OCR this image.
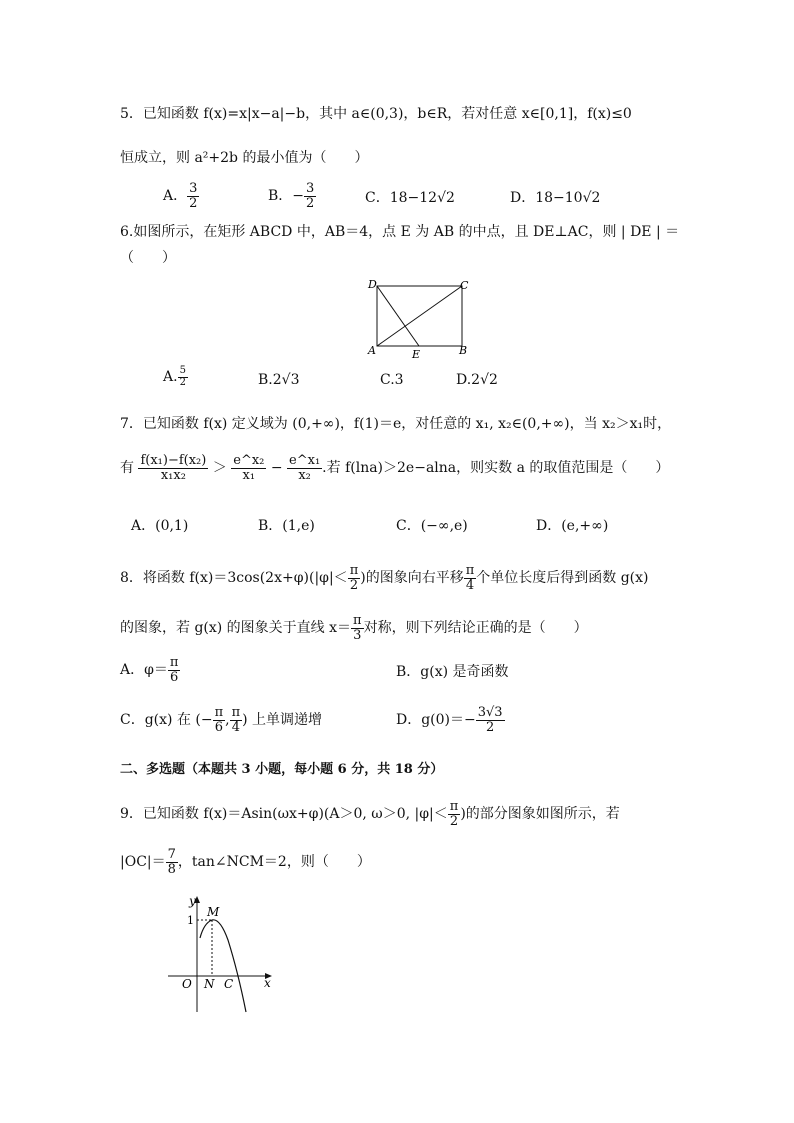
5．已知函数 f(x)=x|x−a|−b，其中 a∈(0,3)，b∈R，若对任意 x∈[0,1]，f(x)≤0
恒成立，则 a²+2b 的最小值为（　　）
A． $\frac{3}{2}$	B．− $\frac{3}{2}$	C．18−12√2	D．18−10√2
6.如图所示，在矩形 ABCD 中，AB＝4，点 E 为 AB 的中点，且 DE⊥AC，则 | DE | ＝
（　　）
D	C
A	B
E
A. $\frac{5}{2}$	B.2√3	C.3	D.2√2
7．已知函数 f(x) 定义域为 (0,+∞)，f(1)＝e，对任意的 x₁, x₂∈(0,+∞)，当 x₂＞x₁时，
有 $\frac{\text{f(x₁)−f(x₂)}}{\text{x₁x₂}} > \frac{\text{e\textasciicircum{}x₂}}{\text{x₁}} - \frac{\text{e\textasciicircum{}x₁}}{\text{x₂}}$ .若 f(lna)＞2e−alna，则实数 a 的取值范围是（　　）
A．(0,1)	B．(1,e)	C．(−∞,e)	D．(e,+∞)
8．将函数 $f(x)=3\cos(2x+\varphi)(|\varphi|< \frac{\pi}{2}$ )的图象向右平移 $\frac{\pi}{4}$ 个单位长度后得到函数 g(x)
的图象，若 g(x) 的图象关于直线 $x= \frac{\pi}{3}$ 对称，则下列结论正确的是（　　）
A．$\varphi= \frac{\pi}{6}$	B．g(x) 是奇函数
C．g(x) 在 (− $\frac{\pi}{6}$ , $\frac{\pi}{4}$ ) 上单调递增	D．$g(0)=- \frac{3√3}{2}$
二、多选题（本题共 3 小题，每小题 6 分，共 18 分）
9．已知函数 f(x)＝Asin(ωx+φ)(A＞0, ω＞0, $|\varphi|< \frac{\pi}{2}$ )的部分图象如图所示，若
$|OC|= \frac{7}{8}$ ，tan∠NCM＝2，则（　　）
y
x
O N C
M
1
